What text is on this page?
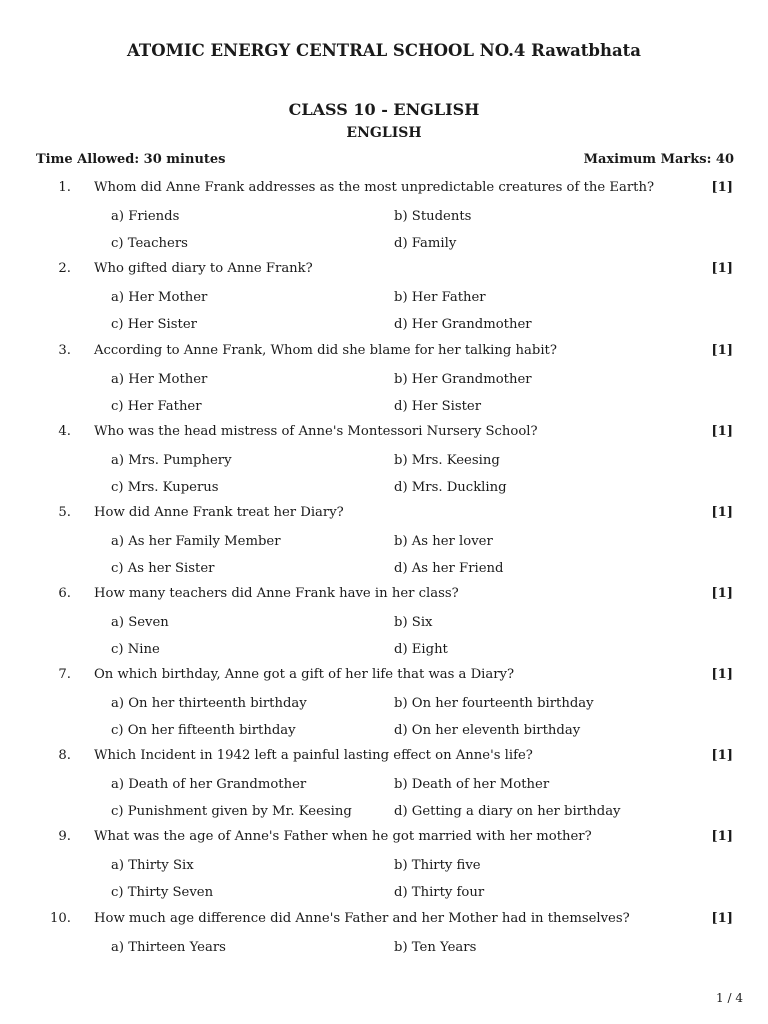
ATOMIC ENERGY CENTRAL SCHOOL NO.4 Rawatbhata
CLASS 10 - ENGLISH
ENGLISH
Time Allowed: 30 minutes	Maximum Marks: 40
1. Whom did Anne Frank addresses as the most unpredictable creatures of the Earth?	[1]
a) Friends	b) Students
c) Teachers	d) Family
2. Who gifted diary to Anne Frank?	[1]
a) Her Mother	b) Her Father
c) Her Sister	d) Her Grandmother
3. According to Anne Frank, Whom did she blame for her talking habit?	[1]
a) Her Mother	b) Her Grandmother
c) Her Father	d) Her Sister
4. Who was the head mistress of Anne's Montessori Nursery School?	[1]
a) Mrs. Pumphery	b) Mrs. Keesing
c) Mrs. Kuperus	d) Mrs. Duckling
5. How did Anne Frank treat her Diary?	[1]
a) As her Family Member	b) As her lover
c) As her Sister	d) As her Friend
6. How many teachers did Anne Frank have in her class?	[1]
a) Seven	b) Six
c) Nine	d) Eight
7. On which birthday, Anne got a gift of her life that was a Diary?	[1]
a) On her thirteenth birthday	b) On her fourteenth birthday
c) On her fifteenth birthday	d) On her eleventh birthday
8. Which Incident in 1942 left a painful lasting effect on Anne's life?	[1]
a) Death of her Grandmother	b) Death of her Mother
c) Punishment given by Mr. Keesing	d) Getting a diary on her birthday
9. What was the age of Anne's Father when he got married with her mother?	[1]
a) Thirty Six	b) Thirty five
c) Thirty Seven	d) Thirty four
10. How much age difference did Anne's Father and her Mother had in themselves?	[1]
a) Thirteen Years	b) Ten Years
1 / 4
